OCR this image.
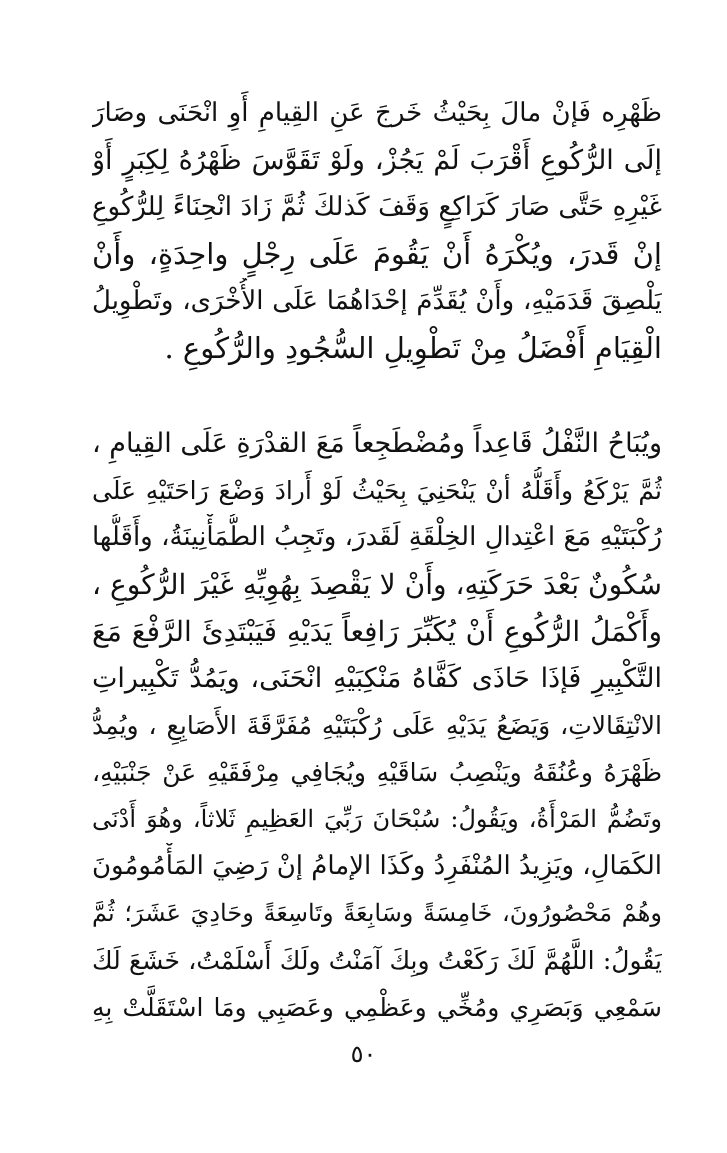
ظَهْرِه فَإنْ مالَ بِحَيْثُ خَرجَ عَنِ القِيامِ أَوِ انْحَنَى وصَارَ
إلَى الرُّكُوعِ أَقْرَبَ لَمْ يَجُزْ، ولَوْ تَقَوَّسَ ظَهْرُهُ لِكِبَرٍ أَوْ
غَيْرِهِ حَتَّى صَارَ كَرَاكِعٍ وَقَفَ كَذلكَ ثُمَّ زَادَ انْحِنَاءً لِلرُّكُوعِ
إنْ قَدرَ، ويُكْرَهُ أَنْ يَقُومَ عَلَى رِجْلٍ واحِدَةٍ، وأَنْ
يَلْصِقَ قَدَمَيْهِ، وأَنْ يُقَدِّمَ إحْدَاهُمَا عَلَى الأُخْرَى، وتَطْوِيلُ
الْقِيَامِ أَفْضَلُ مِنْ تَطْوِيلِ السُّجُودِ والرُّكُوعِ .
ويُبَاحُ النَّفْلُ قَاعِداً ومُضْطَجِعاً مَعَ القدْرَةِ عَلَى القِيامِ ،
ثُمَّ يَرْكَعُ وأَقَلُّهُ أنْ يَنْحَنِيَ بِحَيْثُ لَوْ أَرادَ وَضْعَ رَاحَتَيْهِ عَلَى
رُكْبَتَيْهِ مَعَ اعْتِدالِ الخِلْقَةِ لَقَدرَ، وتَجِبُ الطُّمَأْنِينَةُ، وأَقَلُّها
سُكُونٌ بَعْدَ حَرَكَتِهِ، وأَنْ لا يَقْصِدَ بِهُوِيِّهِ غَيْرَ الرُّكُوعِ ،
وأَكْمَلُ الرُّكُوعِ أَنْ يُكَبِّرَ رَافِعاً يَدَيْهِ فَيَبْتَدِئَ الرَّفْعَ مَعَ
التَّكْبِيرِ فَإذَا حَاذَى كَفَّاهُ مَنْكِبَيْهِ انْحَنَى، ويَمُدُّ تَكْبِيراتِ
الانْتِقَالاتِ، وَيَضَعُ يَدَيْهِ عَلَى رُكْبَتَيْهِ مُفَرَّقَةَ الأَصَابِعِ ، ويُمِدُّ
ظَهْرَهُ وعُنُقَهُ ويَنْصِبُ سَاقَيْهِ ويُجَافِي مِرْفَقَيْهِ عَنْ جَنْبَيْهِ،
وتَضُمُّ المَرْأَةُ، ويَقُولُ: سُبْحَانَ رَبِّيَ العَظِيمِ ثَلاثاً، وهُوَ أَدْنَى
الكَمَالِ، ويَزِيدُ المُنْفَرِدُ وكَذَا الإمامُ إنْ رَضِيَ المَأْمُومُونَ
وهُمْ مَحْصُورُونَ، خَامِسَةً وسَابِعَةً وتَاسِعَةً وحَادِيَ عَشَرَ؛ ثُمَّ
يَقُولُ: اللَّهُمَّ لَكَ رَكَعْتُ وبِكَ آمَنْتُ ولَكَ أَسْلَمْتُ، خَشَعَ لَكَ
سَمْعِي وَبَصَرِي ومُخِّي وعَظْمِي وعَصَبِي ومَا اسْتَقَلَّتْ بِهِ
٥٠
